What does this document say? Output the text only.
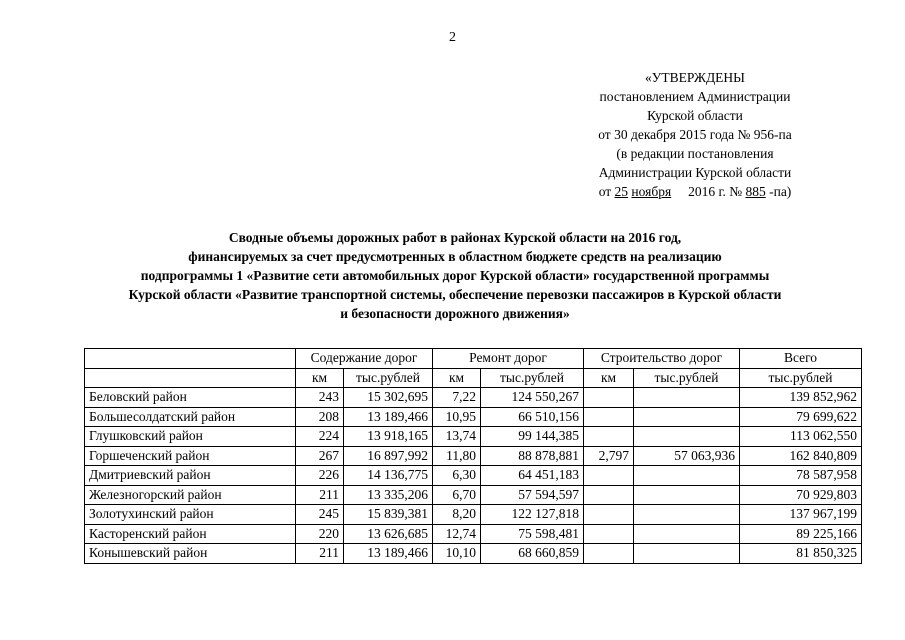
2
«УТВЕРЖДЕНЫ
постановлением Администрации
Курской области
от 30 декабря 2015 года № 956-па
(в редакции постановления
Администрации Курской области
от 25 ноября 2016 г. № 885 -па)
Сводные объемы дорожных работ в районах Курской области на 2016 год,
финансируемых за счет предусмотренных в областном бюджете средств на реализацию
подпрограммы 1 «Развитие сети автомобильных дорог Курской области» государственной программы
Курской области «Развитие транспортной системы, обеспечение перевозки пассажиров в Курской области
и безопасности дорожного движения»
	Содержание дорог		Ремонт дорог		Строительство дорог		Всего
	км	тыс.рублей	км	тыс.рублей	км	тыс.рублей	тыс.рублей
Беловский район	243	15 302,695	7,22	124 550,267			139 852,962
Большесолдатский район	208	13 189,466	10,95	66 510,156			79 699,622
Глушковский район	224	13 918,165	13,74	99 144,385			113 062,550
Горшеченский район	267	16 897,992	11,80	88 878,881	2,797	57 063,936	162 840,809
Дмитриевский район	226	14 136,775	6,30	64 451,183			78 587,958
Железногорский район	211	13 335,206	6,70	57 594,597			70 929,803
Золотухинский район	245	15 839,381	8,20	122 127,818			137 967,199
Касторенский район	220	13 626,685	12,74	75 598,481			89 225,166
Конышевский район	211	13 189,466	10,10	68 660,859			81 850,325
